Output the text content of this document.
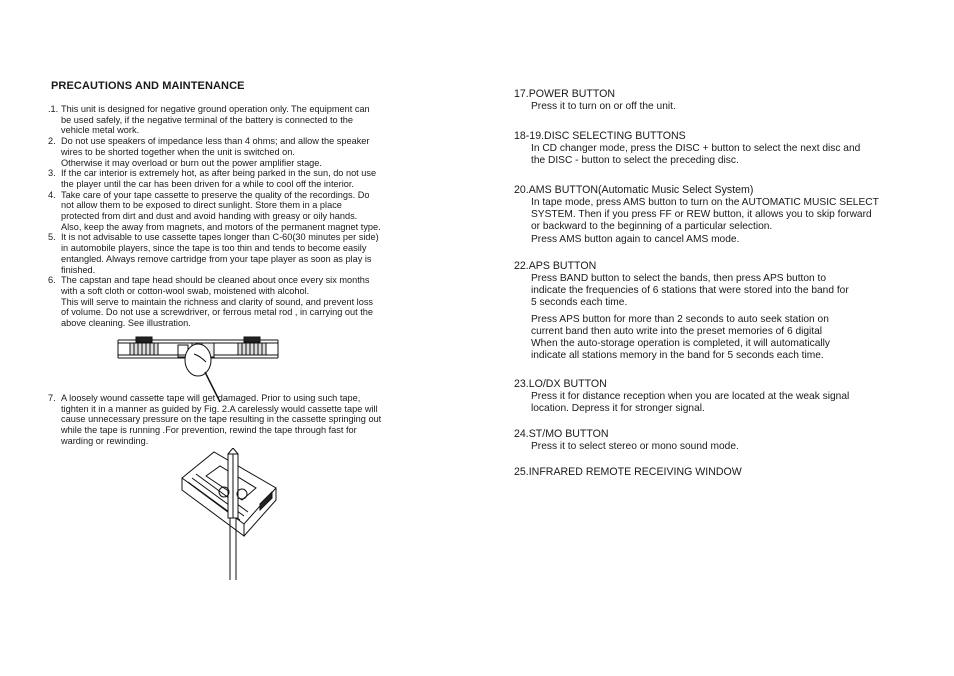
PRECAUTIONS AND MAINTENANCE
.1. This unit is designed for negative ground operation only. The equipment can
be used safely, if the negative terminal of the battery is connected to the
vehicle metal work.
2. Do not use speakers of impedance less than 4 ohms; and allow the speaker
wires to be shorted together when the unit is switched on.
Otherwise it may overload or burn out the power amplifier stage.
3. If the car interior is extremely hot, as after being parked in the sun, do not use
the player until the car has been driven for a while to cool off the interior.
4. Take care of your tape cassette to preserve the quality of the recordings. Do
not allow them to be exposed to direct sunlight. Store them in a place
protected from dirt and dust and avoid handing with greasy or oily hands.
Also, keep the away from magnets, and motors of the permanent magnet type.
5. It is not advisable to use cassette tapes longer than C-60(30 minutes per side)
in automobile players, since the tape is too thin and tends to become easily
entangled. Always remove cartridge from your tape player as soon as play is
finished.
6. The capstan and tape head should be cleaned about once every six months
with a soft cloth or cotton-wool swab, moistened with alcohol.
This will serve to maintain the richness and clarity of sound, and prevent loss
of volume. Do not use a screwdriver, or ferrous metal rod , in carrying out the
above cleaning. See illustration.
7. A loosely wound cassette tape will get damaged. Prior to using such tape,
tighten it in a manner as guided by Fig. 2.A carelessly would cassette tape will
cause unnecessary pressure on the tape resulting in the cassette springing out
while the tape is running .For prevention, rewind the tape through fast for
warding or rewinding.
17.POWER BUTTON
Press it to turn on or off the unit.
18-19.DISC SELECTING BUTTONS
In CD changer mode, press the DISC + button to select the next disc and
the DISC - button to select the preceding disc.
20.AMS BUTTON(Automatic Music Select System)
In tape mode, press AMS button to turn on the AUTOMATIC MUSIC SELECT
SYSTEM. Then if you press FF or REW button, it allows you to skip forward
or backward to the beginning of a particular selection.
Press AMS button again to cancel AMS mode.
22.APS BUTTON
Press BAND button to select the bands, then press APS button to
indicate the frequencies of 6 stations that were stored into the band for
5 seconds each time.
Press APS button for more than 2 seconds to auto seek station on
current band then auto write into the preset memories of 6 digital
When the auto-storage operation is completed, it will automatically
indicate all stations memory in the band for 5 seconds each time.
23.LO/DX BUTTON
Press it for distance reception when you are located at the weak signal
location. Depress it for stronger signal.
24.ST/MO BUTTON
Press it to select stereo or mono sound mode.
25.INFRARED REMOTE RECEIVING WINDOW
